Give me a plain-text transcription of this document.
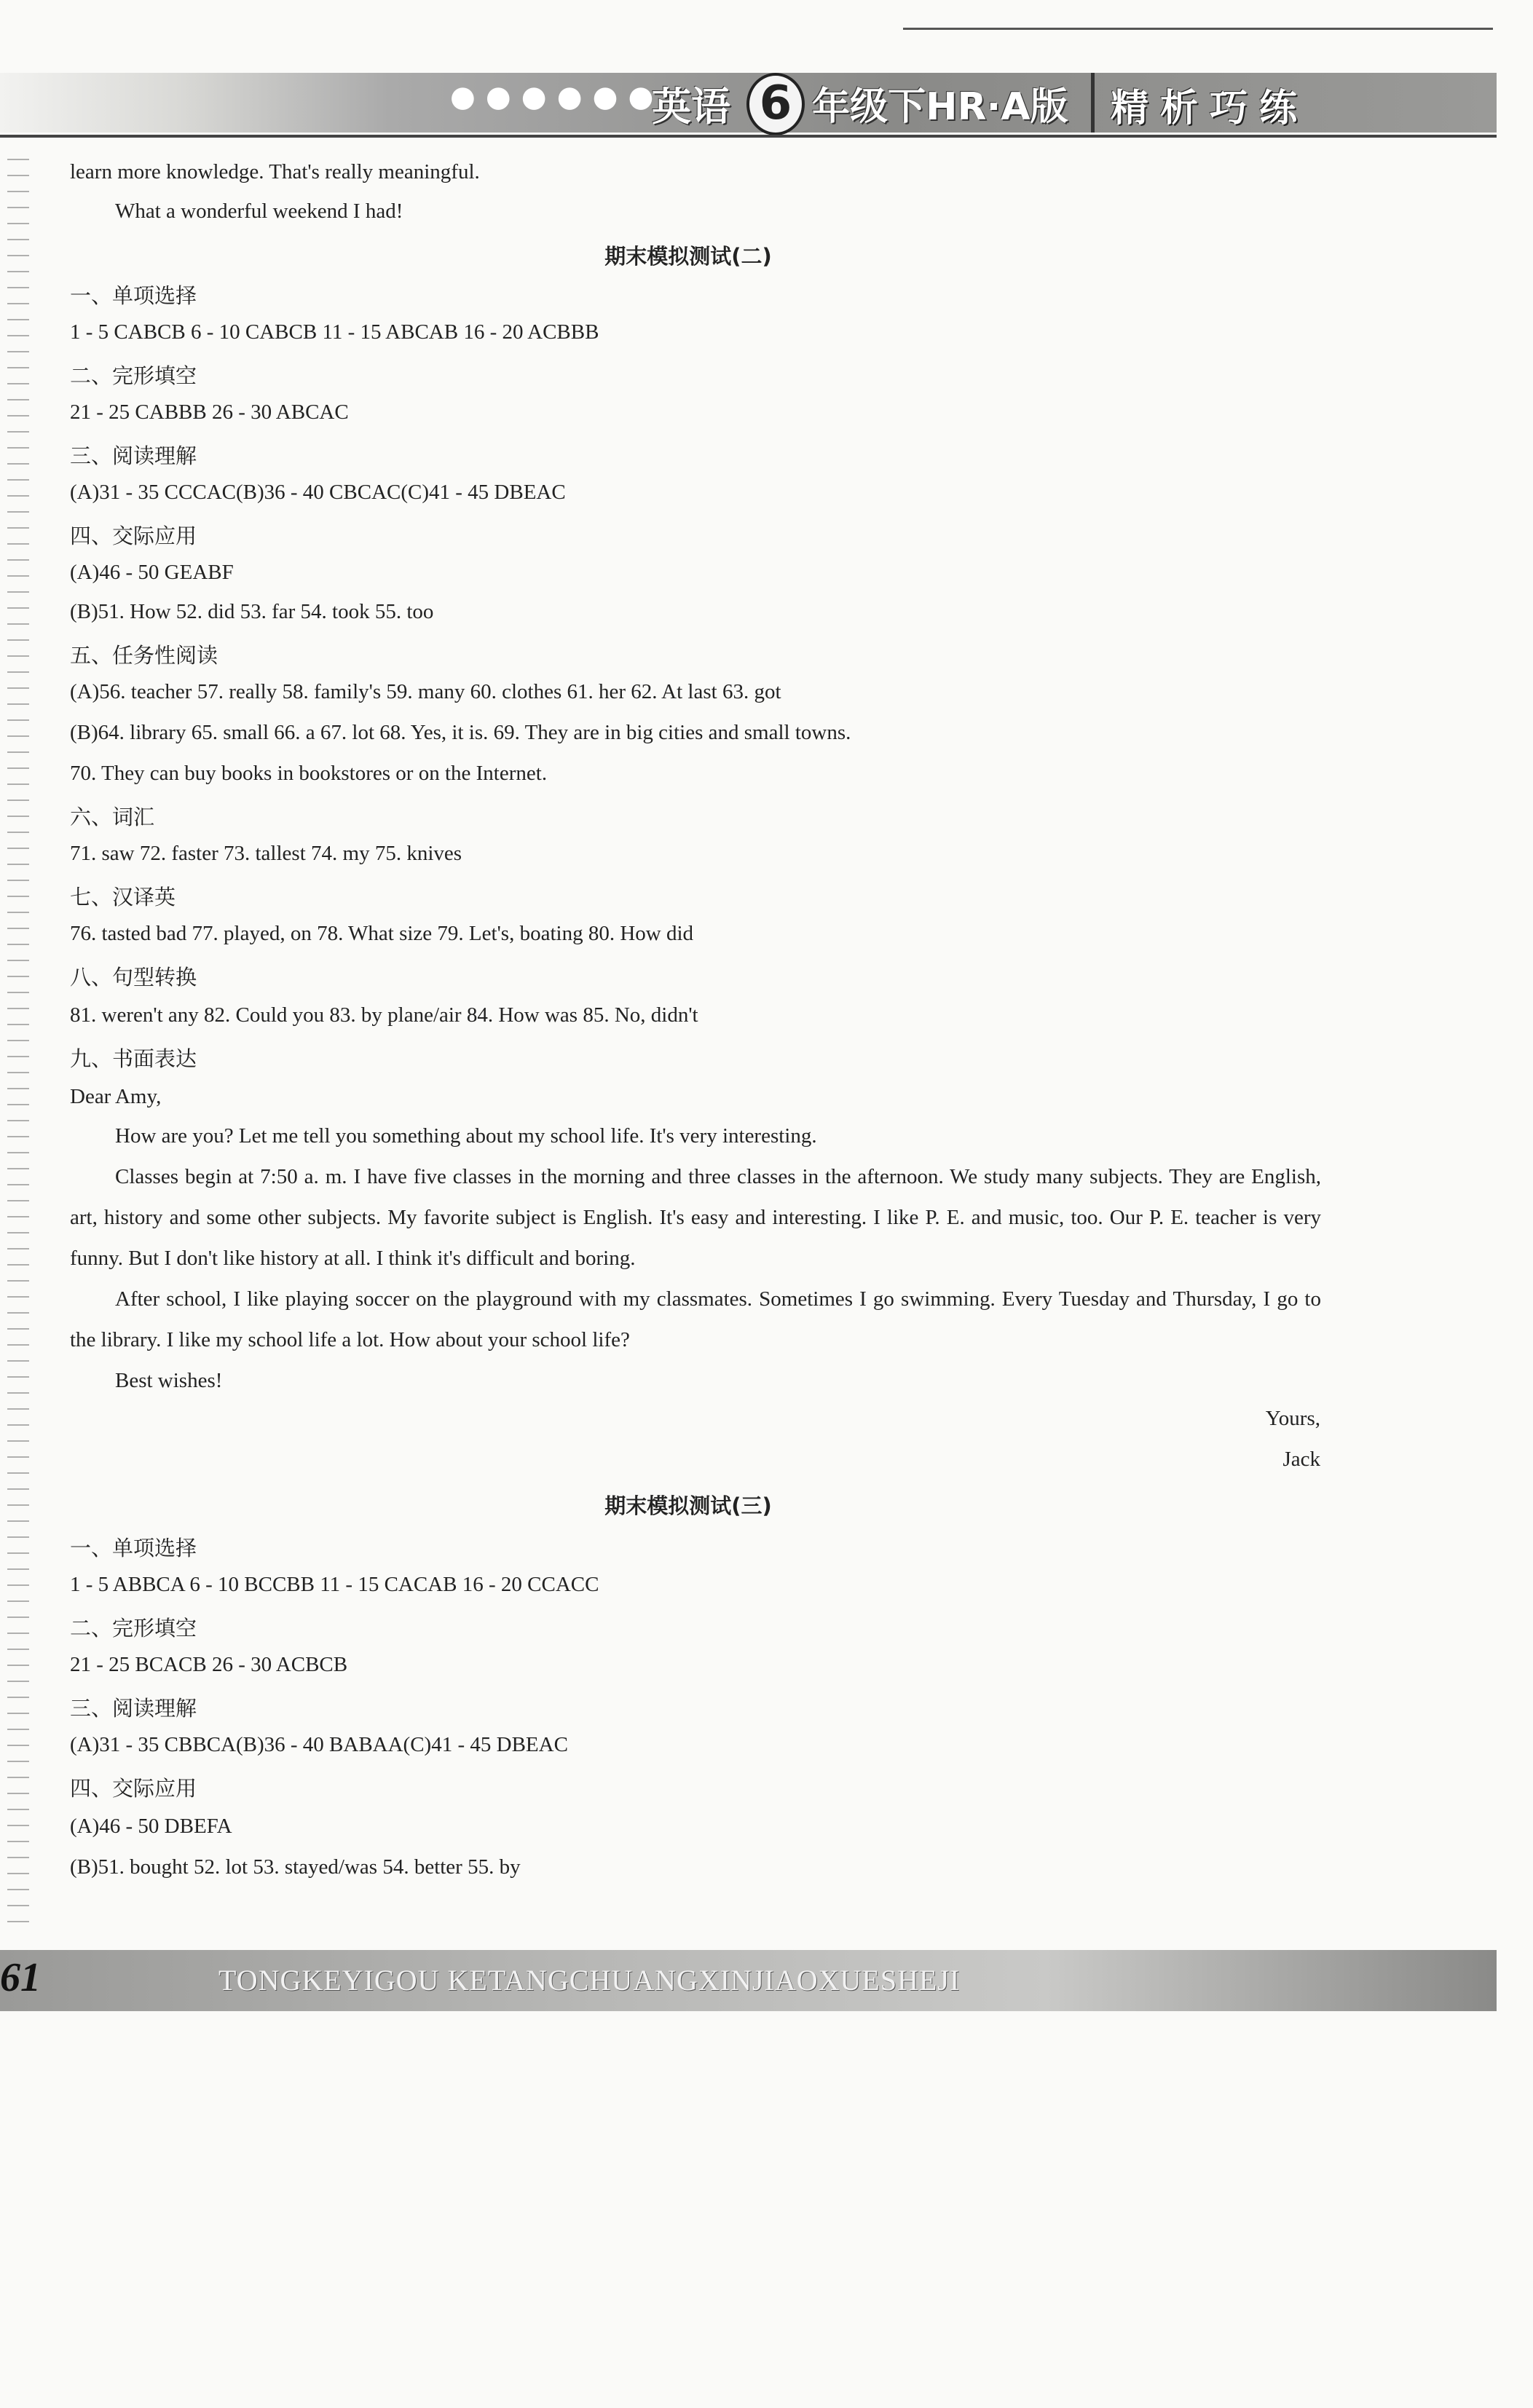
●●●●●●
英语 6 年级下HR·A版 精析巧练
learn more knowledge. That's really meaningful.
What a wonderful weekend I had!
期末模拟测试(二)
一、单项选择
1 - 5 CABCB 6 - 10 CABCB 11 - 15 ABCAB 16 - 20 ACBBB
二、完形填空
21 - 25 CABBB 26 - 30 ABCAC
三、阅读理解
(A)31 - 35 CCCAC(B)36 - 40 CBCAC(C)41 - 45 DBEAC
四、交际应用
(A)46 - 50 GEABF
(B)51. How 52. did 53. far 54. took 55. too
五、任务性阅读
(A)56. teacher 57. really 58. family's 59. many 60. clothes 61. her 62. At last 63. got
(B)64. library 65. small 66. a 67. lot 68. Yes, it is. 69. They are in big cities and small towns.
70. They can buy books in bookstores or on the Internet.
六、词汇
71. saw 72. faster 73. tallest 74. my 75. knives
七、汉译英
76. tasted bad 77. played, on 78. What size 79. Let's, boating 80. How did
八、句型转换
81. weren't any 82. Could you 83. by plane/air 84. How was 85. No, didn't
九、书面表达
Dear Amy,
How are you? Let me tell you something about my school life. It's very interesting.
Classes begin at 7:50 a. m. I have five classes in the morning and three classes in the afternoon. We study many subjects. They are English, art, history and some other subjects. My favorite subject is English. It's easy and interesting. I like P. E. and music, too. Our P. E. teacher is very funny. But I don't like history at all. I think it's difficult and boring.
After school, I like playing soccer on the playground with my classmates. Sometimes I go swimming. Every Tuesday and Thursday, I go to the library. I like my school life a lot. How about your school life?
Best wishes!
Yours,
Jack
期末模拟测试(三)
一、单项选择
1 - 5 ABBCA 6 - 10 BCCBB 11 - 15 CACAB 16 - 20 CCACC
二、完形填空
21 - 25 BCACB 26 - 30 ACBCB
三、阅读理解
(A)31 - 35 CBBCA(B)36 - 40 BABAA(C)41 - 45 DBEAC
四、交际应用
(A)46 - 50 DBEFA
(B)51. bought 52. lot 53. stayed/was 54. better 55. by
61	TONGKEYIGOU KETANGCHUANGXINJIAOXUESHEJI
